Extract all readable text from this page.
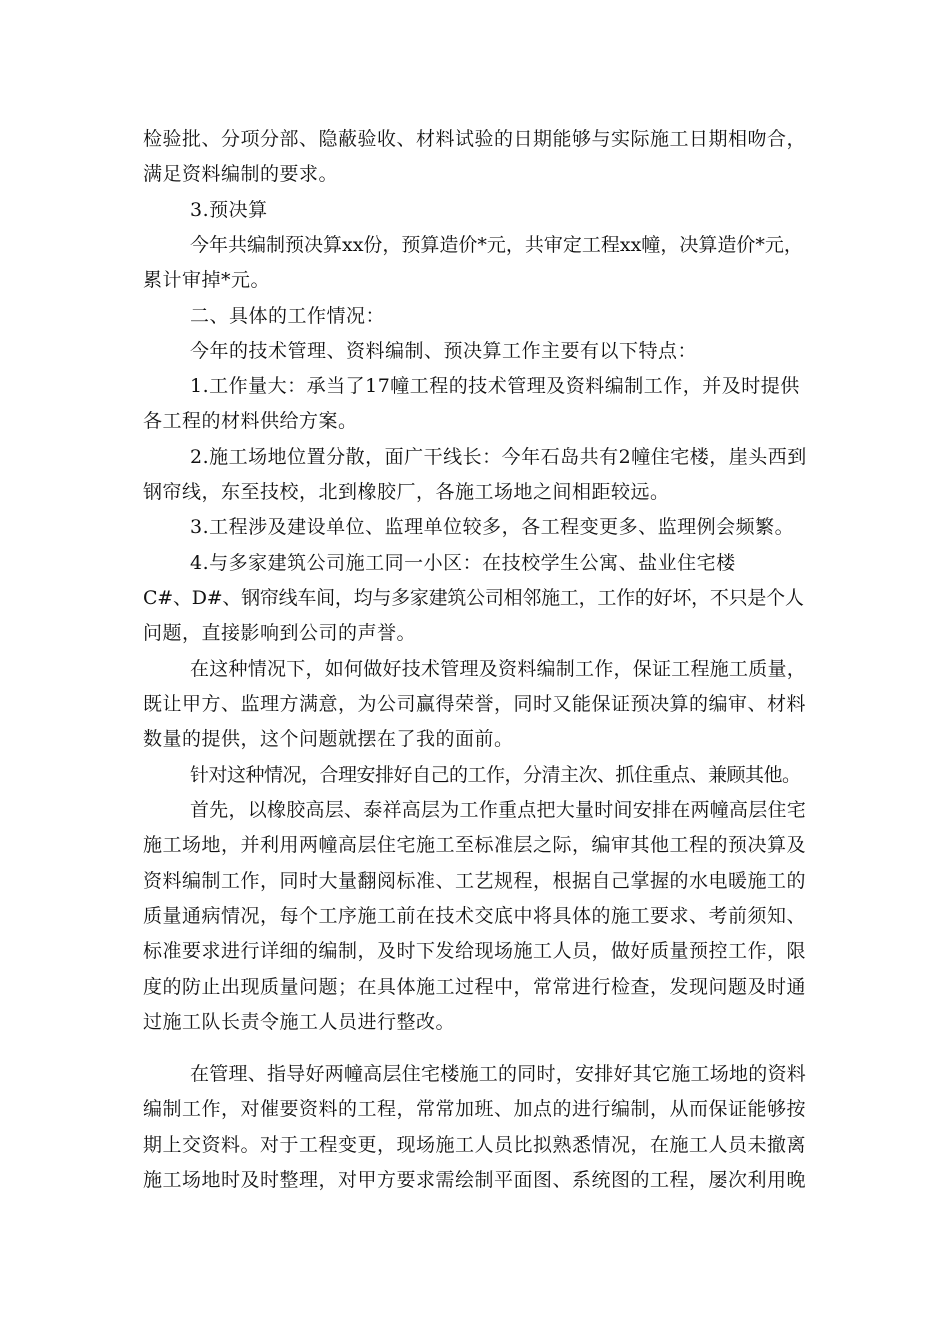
检验批、分项分部、隐蔽验收、材料试验的日期能够与实际施工日期相吻合，
满足资料编制的要求。
3.预决算
今年共编制预决算xx份，预算造价*元，共审定工程xx幢，决算造价*元，
累计审掉*元。
二、具体的工作情况：
今年的技术管理、资料编制、预决算工作主要有以下特点：
1.工作量大：承当了17幢工程的技术管理及资料编制工作，并及时提供
各工程的材料供给方案。
2.施工场地位置分散，面广干线长：今年石岛共有2幢住宅楼，崖头西到
钢帘线，东至技校，北到橡胶厂，各施工场地之间相距较远。
3.工程涉及建设单位、监理单位较多，各工程变更多、监理例会频繁。
4.与多家建筑公司施工同一小区：在技校学生公寓、盐业住宅楼
C#、D#、钢帘线车间，均与多家建筑公司相邻施工，工作的好坏，不只是个人
问题，直接影响到公司的声誉。
在这种情况下，如何做好技术管理及资料编制工作，保证工程施工质量，
既让甲方、监理方满意，为公司赢得荣誉，同时又能保证预决算的编审、材料
数量的提供，这个问题就摆在了我的面前。
针对这种情况，合理安排好自己的工作，分清主次、抓住重点、兼顾其他。
首先，以橡胶高层、泰祥高层为工作重点把大量时间安排在两幢高层住宅
施工场地，并利用两幢高层住宅施工至标准层之际，编审其他工程的预决算及
资料编制工作，同时大量翻阅标准、工艺规程，根据自己掌握的水电暖施工的
质量通病情况，每个工序施工前在技术交底中将具体的施工要求、考前须知、
标准要求进行详细的编制，及时下发给现场施工人员，做好质量预控工作，限
度的防止出现质量问题；在具体施工过程中，常常进行检查，发现问题及时通
过施工队长责令施工人员进行整改。
在管理、指导好两幢高层住宅楼施工的同时，安排好其它施工场地的资料
编制工作，对催要资料的工程，常常加班、加点的进行编制，从而保证能够按
期上交资料。对于工程变更，现场施工人员比拟熟悉情况，在施工人员未撤离
施工场地时及时整理，对甲方要求需绘制平面图、系统图的工程，屡次利用晚
